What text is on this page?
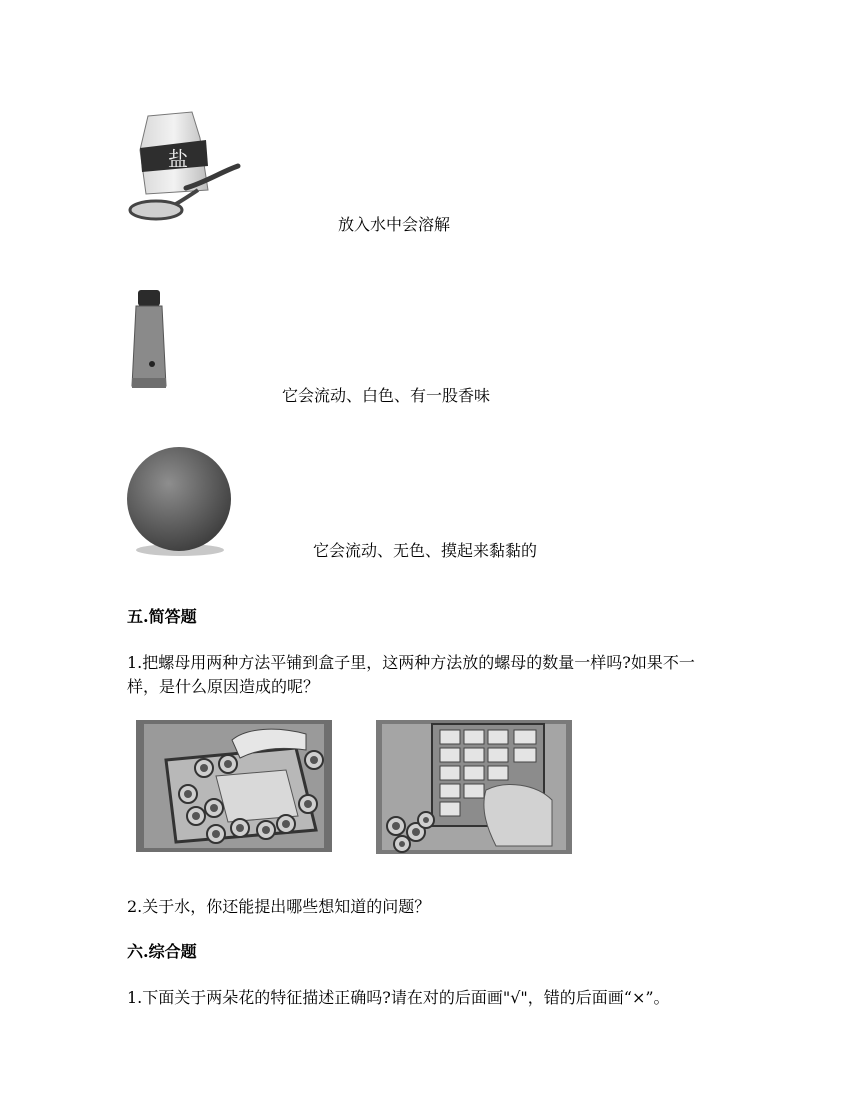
盐
放入水中会溶解
它会流动、白色、有一股香味
它会流动、无色、摸起来黏黏的
五.简答题
1.把螺母用两种方法平铺到盒子里，这两种方法放的螺母的数量一样吗?如果不一
样，是什么原因造成的呢？
2.关于水，你还能提出哪些想知道的问题？
六.综合题
1.下面关于两朵花的特征描述正确吗?请在对的后面画"√"，错的后面画“×”。
